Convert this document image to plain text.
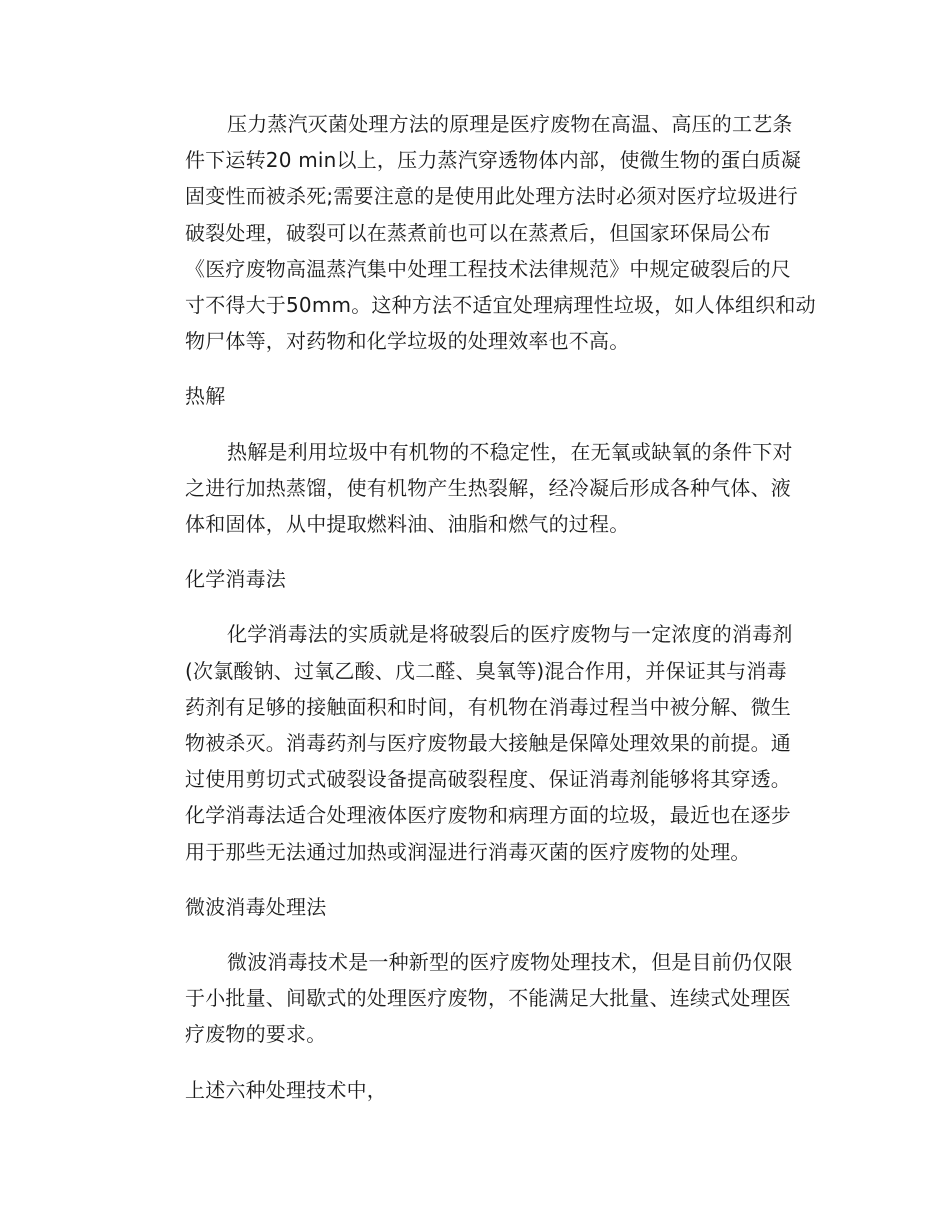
压力蒸汽灭菌处理方法的原理是医疗废物在高温、高压的工艺条
件下运转20 min以上，压力蒸汽穿透物体内部，使微生物的蛋白质凝
固变性而被杀死;需要注意的是使用此处理方法时必须对医疗垃圾进行
破裂处理，破裂可以在蒸煮前也可以在蒸煮后，但国家环保局公布
《医疗废物高温蒸汽集中处理工程技术法律规范》中规定破裂后的尺
寸不得大于50mm。这种方法不适宜处理病理性垃圾，如人体组织和动
物尸体等，对药物和化学垃圾的处理效率也不高。
热解
热解是利用垃圾中有机物的不稳定性，在无氧或缺氧的条件下对
之进行加热蒸馏，使有机物产生热裂解，经冷凝后形成各种气体、液
体和固体，从中提取燃料油、油脂和燃气的过程。
化学消毒法
化学消毒法的实质就是将破裂后的医疗废物与一定浓度的消毒剂
(次氯酸钠、过氧乙酸、戊二醛、臭氧等)混合作用，并保证其与消毒
药剂有足够的接触面积和时间，有机物在消毒过程当中被分解、微生
物被杀灭。消毒药剂与医疗废物最大接触是保障处理效果的前提。通
过使用剪切式式破裂设备提高破裂程度、保证消毒剂能够将其穿透。
化学消毒法适合处理液体医疗废物和病理方面的垃圾，最近也在逐步
用于那些无法通过加热或润湿进行消毒灭菌的医疗废物的处理。
微波消毒处理法
微波消毒技术是一种新型的医疗废物处理技术，但是目前仍仅限
于小批量、间歇式的处理医疗废物，不能满足大批量、连续式处理医
疗废物的要求。
上述六种处理技术中，
